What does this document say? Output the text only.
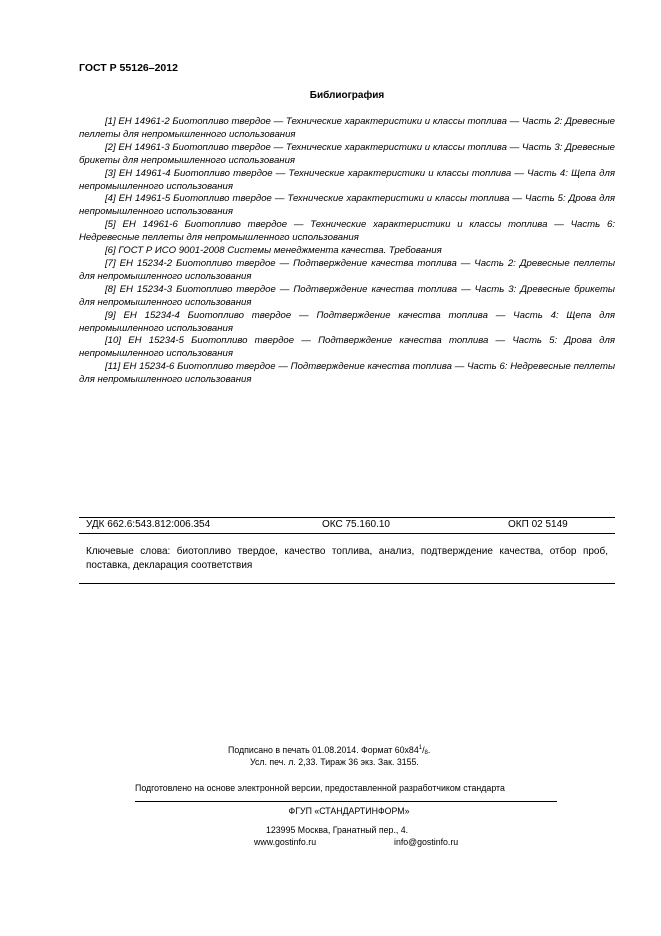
ГОСТ Р 55126–2012
Библиография

[1] ЕН 14961-2 Биотопливо твердое — Технические характеристики и классы топлива — Часть 2: Древесные пеллеты для непромышленного использования

[2] ЕН 14961-3 Биотопливо твердое — Технические характеристики и классы топлива — Часть 3: Древесные брикеты для непромышленного использования

[3] ЕН 14961-4 Биотопливо твердое — Технические характеристики и классы топлива — Часть 4: Щепа для непромышленного использования

[4] ЕН 14961-5 Биотопливо твердое — Технические характеристики и классы топлива — Часть 5: Дрова для непромышленного использования

[5] ЕН 14961-6 Биотопливо твердое — Технические характеристики и классы топлива — Часть 6: Недревесные пеллеты для непромышленного использования

[6] ГОСТ Р ИСО 9001-2008 Системы менеджмента качества. Требования

[7] ЕН 15234-2 Биотопливо твердое — Подтверждение качества топлива — Часть 2: Древесные пеллеты для непромышленного использования

[8] ЕН 15234-3 Биотопливо твердое — Подтверждение качества топлива — Часть 3: Древесные брикеты для непромышленного использования

[9] ЕН 15234-4 Биотопливо твердое — Подтверждение качества топлива — Часть 4: Щепа для непромышленного использования

[10] ЕН 15234-5 Биотопливо твердое — Подтверждение качества топлива — Часть 5: Дрова для непромышленного использования

[11] ЕН 15234-6 Биотопливо твердое — Подтверждение качества топлива — Часть 6: Недревесные пеллеты для непромышленного использования

УДК 662.6:543.812:006.354	ОКС 75.160.10	ОКП 02 5149
Ключевые слова: биотопливо твердое, качество топлива, анализ, подтверждение качества, отбор проб, поставка, декларация соответствия
Подписано в печать 01.08.2014. Формат $60x84^1/_8$.
Усл. печ. л. 2,33. Тираж 36 экз. Зак. 3155.
Подготовлено на основе электронной версии, предоставленной разработчиком стандарта
ФГУП «СТАНДАРТИНФОРМ»
123995 Москва, Гранатный пер., 4.
www.gostinfo.ru	info@gostinfo.ru
